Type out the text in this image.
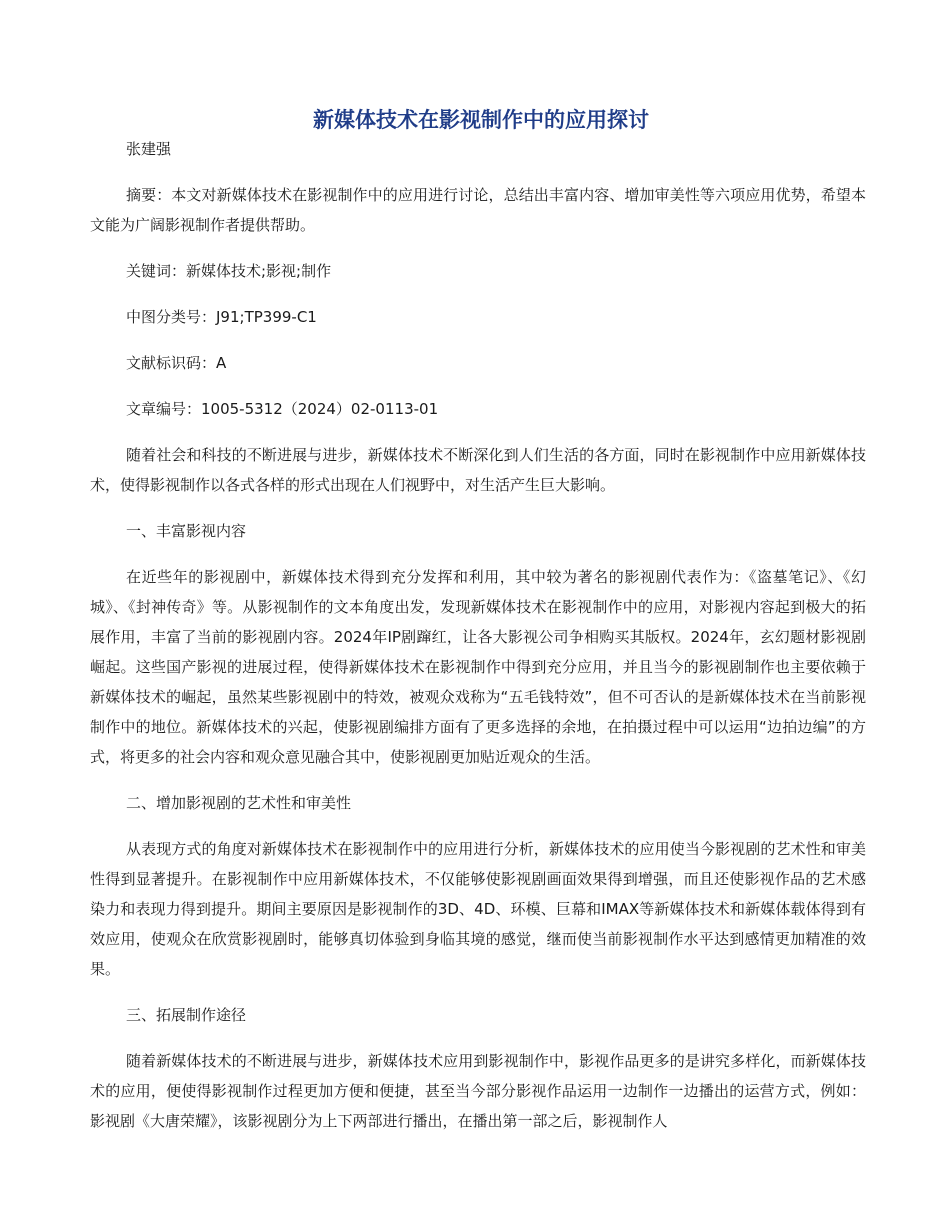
新媒体技术在影视制作中的应用探讨

张建强

摘要：本文对新媒体技术在影视制作中的应用进行讨论，总结出丰富内容、增加审美性等六项应用优势，希望本文能为广阔影视制作者提供帮助。

关键词：新媒体技术;影视;制作

中图分类号：J91;TP399-C1

文献标识码：A

文章编号：1005-5312（2024）02-0113-01

随着社会和科技的不断进展与进步，新媒体技术不断深化到人们生活的各方面，同时在影视制作中应用新媒体技术，使得影视制作以各式各样的形式出现在人们视野中，对生活产生巨大影响。

一、丰富影视内容

在近些年的影视剧中，新媒体技术得到充分发挥和利用，其中较为著名的影视剧代表作为：《盗墓笔记》、《幻城》、《封神传奇》等。从影视制作的文本角度出发，发现新媒体技术在影视制作中的应用，对影视内容起到极大的拓展作用，丰富了当前的影视剧内容。2024年IP剧蹿红，让各大影视公司争相购买其版权。2024年，玄幻题材影视剧崛起。这些国产影视的进展过程，使得新媒体技术在影视制作中得到充分应用，并且当今的影视剧制作也主要依赖于新媒体技术的崛起，虽然某些影视剧中的特效，被观众戏称为“五毛钱特效”，但不可否认的是新媒体技术在当前影视制作中的地位。新媒体技术的兴起，使影视剧编排方面有了更多选择的余地，在拍摄过程中可以运用“边拍边编”的方式，将更多的社会内容和观众意见融合其中，使影视剧更加贴近观众的生活。

二、增加影视剧的艺术性和审美性

从表现方式的角度对新媒体技术在影视制作中的应用进行分析，新媒体技术的应用使当今影视剧的艺术性和审美性得到显著提升。在影视制作中应用新媒体技术，不仅能够使影视剧画面效果得到增强，而且还使影视作品的艺术感染力和表现力得到提升。期间主要原因是影视制作的3D、4D、环模、巨幕和IMAX等新媒体技术和新媒体载体得到有效应用，使观众在欣赏影视剧时，能够真切体验到身临其境的感觉，继而使当前影视制作水平达到感情更加精准的效果。

三、拓展制作途径

随着新媒体技术的不断进展与进步，新媒体技术应用到影视制作中，影视作品更多的是讲究多样化，而新媒体技术的应用，便使得影视制作过程更加方便和便捷，甚至当今部分影视作品运用一边制作一边播出的运营方式，例如：影视剧《大唐荣耀》，该影视剧分为上下两部进行播出，在播出第一部之后，影视制作人
